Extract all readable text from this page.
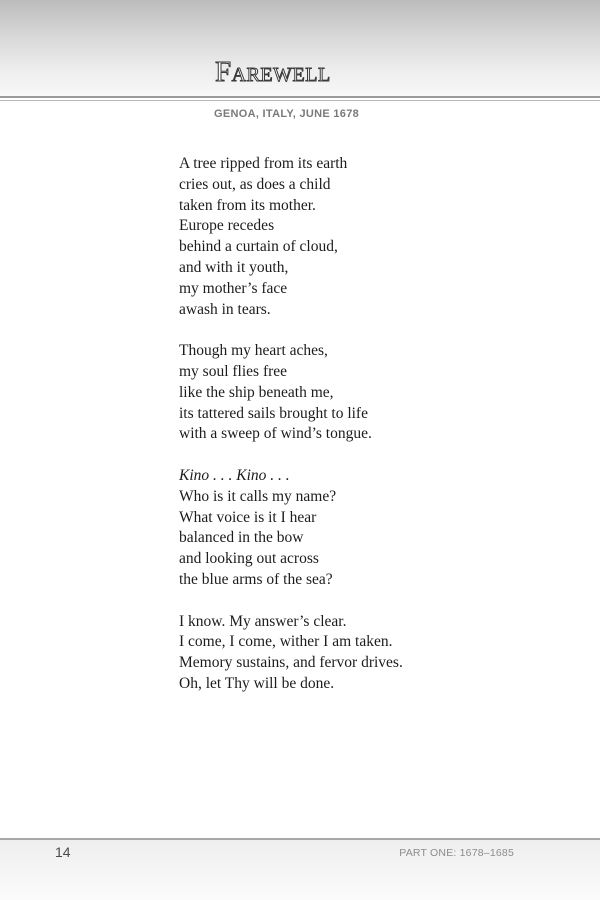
Farewell

GENOA, ITALY, JUNE 1678

A tree ripped from its earth
cries out, as does a child
taken from its mother.
Europe recedes
behind a curtain of cloud,
and with it youth,
my mother’s face
awash in tears.
Though my heart aches,
my soul flies free
like the ship beneath me,
its tattered sails brought to life
with a sweep of wind’s tongue.
Kino . . . Kino . . .
Who is it calls my name?
What voice is it I hear
balanced in the bow
and looking out across
the blue arms of the sea?
I know. My answer’s clear.
I come, I come, wither I am taken.
Memory sustains, and fervor drives.
Oh, let Thy will be done.

14	PART ONE: 1678–1685
